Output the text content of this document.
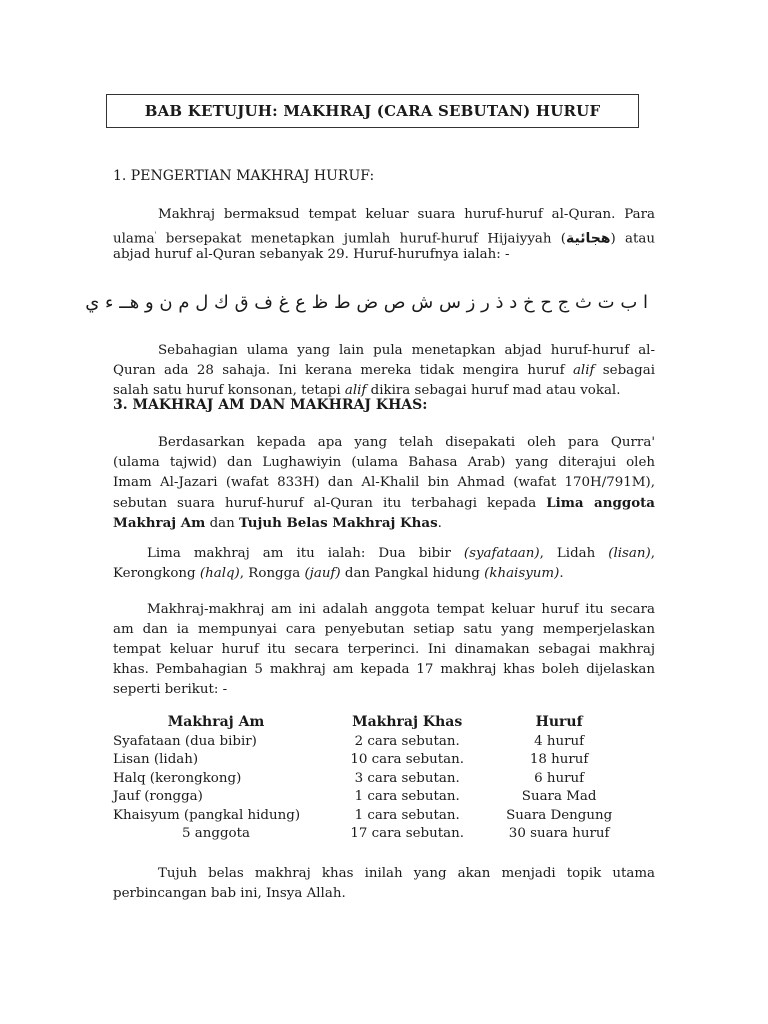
BAB KETUJUH: MAKHRAJ (CARA SEBUTAN) HURUF
1. PENGERTIAN MAKHRAJ HURUF:
Makhraj bermaksud tempat keluar suara huruf-huruf al-Quran. Para
ulama' bersepakat menetapkan jumlah huruf-huruf Hijaiyyah (هجائية) atau
abjad huruf al-Quran sebanyak 29. Huruf-hurufnya ialah: -
ا ب ت ث ج ح خ د ذ ر ز س ش ص ض ط ظ ع غ ف ق ك ل م ن و هــ ء ي
Sebahagian ulama yang lain pula menetapkan abjad huruf-huruf al-
Quran ada 28 sahaja. Ini kerana mereka tidak mengira huruf alif sebagai
salah satu huruf konsonan, tetapi alif dikira sebagai huruf mad atau vokal.
3. MAKHRAJ AM DAN MAKHRAJ KHAS:
Berdasarkan kepada apa yang telah disepakati oleh para Qurra'
(ulama tajwid) dan Lughawiyin (ulama Bahasa Arab) yang diterajui oleh
Imam Al-Jazari (wafat 833H) dan Al-Khalil bin Ahmad (wafat 170H/791M),
sebutan suara huruf-huruf al-Quran itu terbahagi kepada Lima anggota
Makhraj Am dan Tujuh Belas Makhraj Khas.
Lima makhraj am itu ialah: Dua bibir (syafataan), Lidah (lisan),
Kerongkong (halq), Rongga (jauf) dan Pangkal hidung (khaisyum).
Makhraj-makhraj am ini adalah anggota tempat keluar huruf itu secara
am dan ia mempunyai cara penyebutan setiap satu yang memperjelaskan
tempat keluar huruf itu secara terperinci. Ini dinamakan sebagai makhraj
khas. Pembahagian 5 makhraj am kepada 17 makhraj khas boleh dijelaskan
seperti berikut: -
Makhraj Am	Makhraj Khas	Huruf
Syafataan (dua bibir)	2 cara sebutan.	4 huruf
Lisan (lidah)	10 cara sebutan.	18 huruf
Halq (kerongkong)	3 cara sebutan.	6 huruf
Jauf (rongga)	1 cara sebutan.	Suara Mad
Khaisyum (pangkal hidung)	1 cara sebutan.	Suara Dengung
5 anggota	17 cara sebutan.	30 suara huruf
Tujuh belas makhraj khas inilah yang akan menjadi topik utama
perbincangan bab ini, Insya Allah.
